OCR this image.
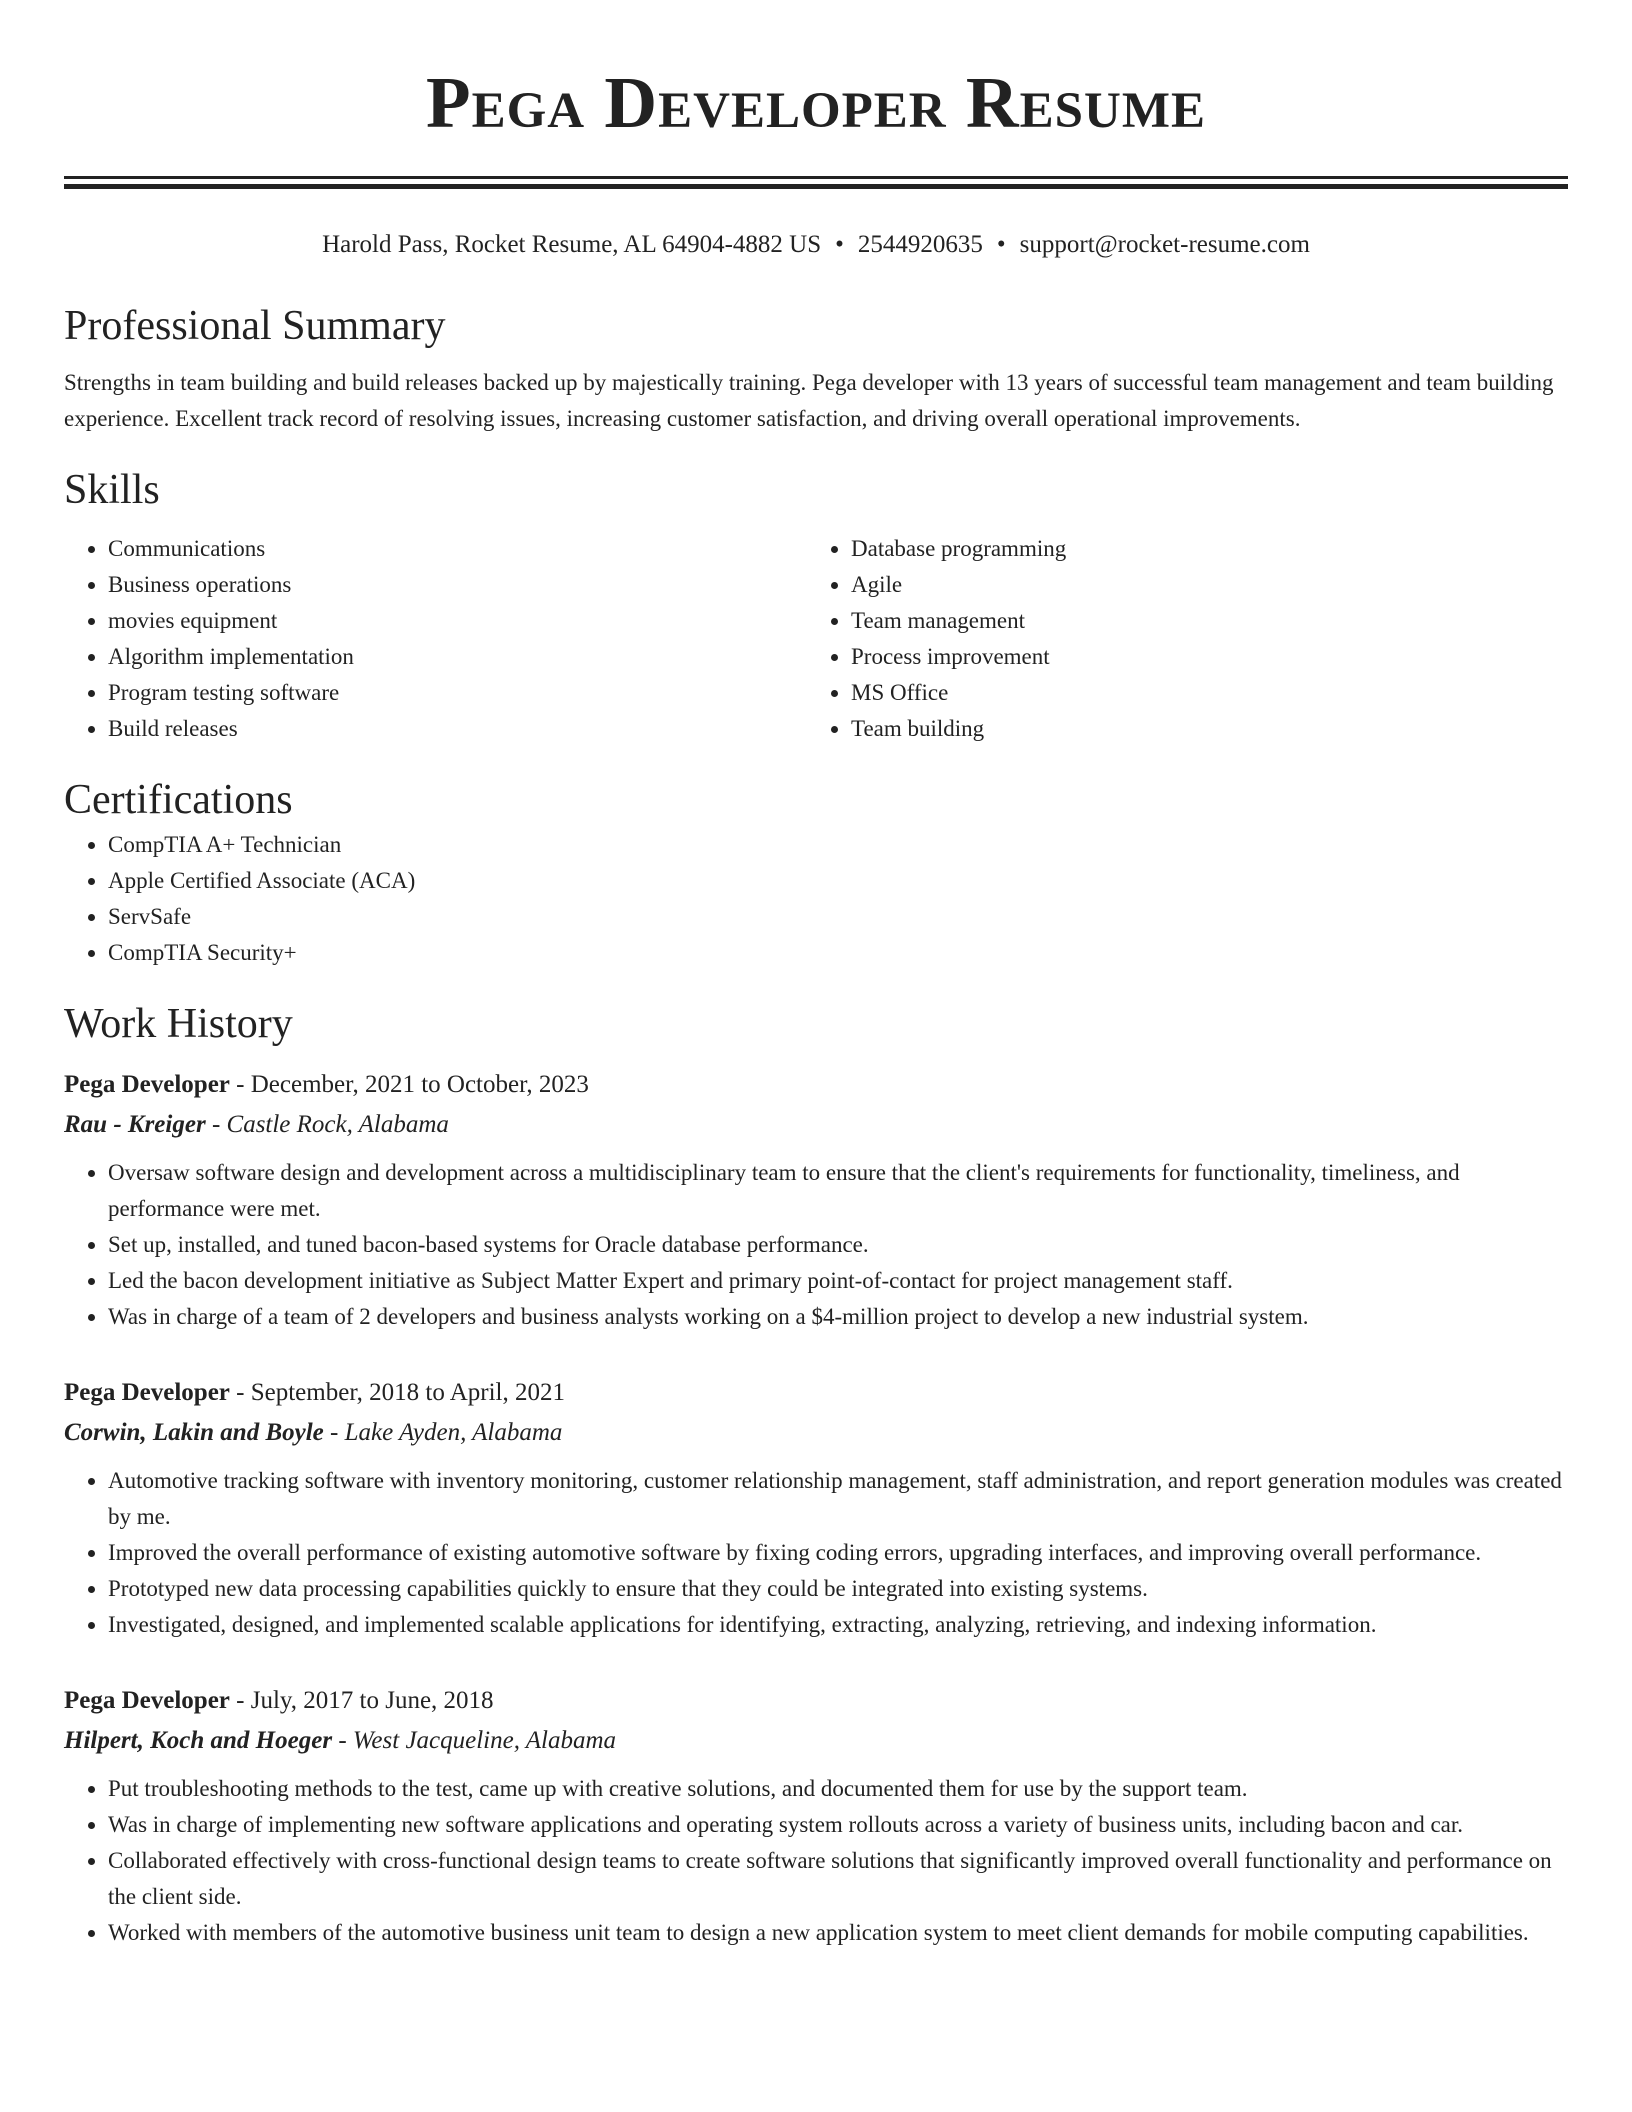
Pega Developer Resume
Harold Pass, Rocket Resume, AL 64904-4882 US • 2544920635 • support@rocket-resume.com
Professional Summary

Strengths in team building and build releases backed up by majestically training. Pega developer with 13 years of successful team management and team building experience. Excellent track record of resolving issues, increasing customer satisfaction, and driving overall operational improvements.

Skills
• Communications
• Business operations
• movies equipment
• Algorithm implementation
• Program testing software
• Build releases
• Database programming
• Agile
• Team management
• Process improvement
• MS Office
• Team building
Certifications
• CompTIA A+ Technician
• Apple Certified Associate (ACA)
• ServSafe
• CompTIA Security+
Work History
Pega Developer - December, 2021 to October, 2023
Rau - Kreiger - Castle Rock, Alabama
• Oversaw software design and development across a multidisciplinary team to ensure that the client's requirements for functionality, timeliness, and performance were met.
• Set up, installed, and tuned bacon-based systems for Oracle database performance.
• Led the bacon development initiative as Subject Matter Expert and primary point-of-contact for project management staff.
• Was in charge of a team of 2 developers and business analysts working on a $4-million project to develop a new industrial system.
Pega Developer - September, 2018 to April, 2021
Corwin, Lakin and Boyle - Lake Ayden, Alabama
• Automotive tracking software with inventory monitoring, customer relationship management, staff administration, and report generation modules was created by me.
• Improved the overall performance of existing automotive software by fixing coding errors, upgrading interfaces, and improving overall performance.
• Prototyped new data processing capabilities quickly to ensure that they could be integrated into existing systems.
• Investigated, designed, and implemented scalable applications for identifying, extracting, analyzing, retrieving, and indexing information.
Pega Developer - July, 2017 to June, 2018
Hilpert, Koch and Hoeger - West Jacqueline, Alabama
• Put troubleshooting methods to the test, came up with creative solutions, and documented them for use by the support team.
• Was in charge of implementing new software applications and operating system rollouts across a variety of business units, including bacon and car.
• Collaborated effectively with cross-functional design teams to create software solutions that significantly improved overall functionality and performance on the client side.
• Worked with members of the automotive business unit team to design a new application system to meet client demands for mobile computing capabilities.
